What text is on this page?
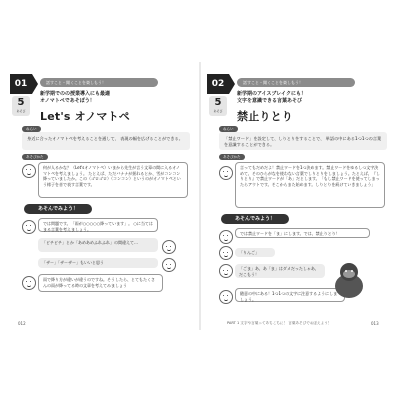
話すこと・聞くことを楽しもう！
01
5
あそび
新学期でのの授業導入にも最適
オノマトペであそぼう！
Let's オノマトペ
ねらい
身近に合ったオノマトペを考えることを通して、 表現の幅を広げることができる。
あそびかた
何が人るかな？（Let'sオノマトペ）いまから先生が言う文章の間に入るオノマトペを考えましょう。 たとえば、ただバナナが揺れるとか、雪がコンコン降っていましたか。この（ゴロゴロ）（コンコン）というのがオノマトペという様子を音で表す言葉です。
あそんでみよう！
では問題です。「雨が○○○○○降っています」。 ○に当てはまる言葉を考えましょう。
「ピチピチ」とか「あめあめふれふれ」の間違えて…
「ザー」「ザーザー」もいいと思う
雨で降り方が違いが違うのですね。そうしたら、とてもたくさんの雨が降ってる時の文章を考えてみましょう
012
話すこと・聞くことを楽しもう！
02
5
あそび
新学期のアイスブレイクにも！
文字を意識できる言葉あそび
禁止りとり
ねらい
「禁止ワード」を設定して、しりとりをすることで、 単語の中にある1つ1つの言葉を意識することができる。
あそびかた
言ってもだめだよ！禁止ワードを1つ決めます。禁止ワードをゆるしつ文字決めて、そのひらがなを使わない言葉でしりとりをしましょう。たとえば、『しりとり』で禁止ワードが「あ」だとします。「もし禁止ワードを使ってしまったらアウトです。そこからまた始めます。しりとりを続けていきましょう」
あそんでみよう！
では禁止ワードを「ま」にします。では、禁止りとり！
「りんご」
「ごま」あ、あ「ま」はダメだったしゃあ、だこもう！
随意の中にある！1つ1つの文字に注意するようにしましょう。
PART 1 文字や言葉ってあちこちに！ 言葉あそびでおぼえよう！	013
